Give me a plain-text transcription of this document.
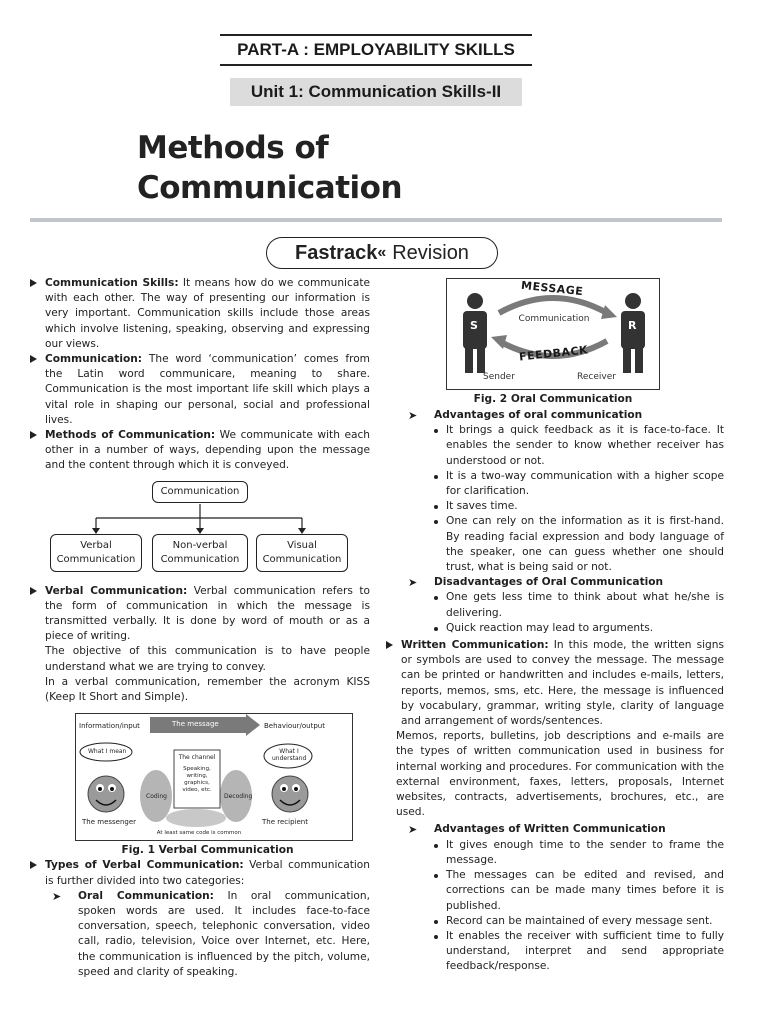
PART-A : EMPLOYABILITY SKILLS
Unit 1: Communication Skills-II
Methods of Communication
Fastrack « Revision

Communication Skills: It means how do we communicate with each other. The way of presenting our information is very important. Communication skills include those areas which involve listening, speaking, observing and expressing our views.

Communication: The word ‘communication’ comes from the Latin word communicare, meaning to share. Communication is the most important life skill which plays a vital role in shaping our personal, social and professional lives.

Methods of Communication: We communicate with each other in a number of ways, depending upon the message and the content through which it is conveyed.

Communication
Verbal Communication
Non-verbal Communication
Visual Communication

Verbal Communication: Verbal communication refers to the form of communication in which the message is transmitted verbally. It is done by word of mouth or as a piece of writing.

The objective of this communication is to have people understand what we are trying to convey.

In a verbal communication, remember the acronym KISS (Keep It Short and Simple).

Information/input	The message	Behaviour/output
What I mean	What I understand
The channel
Speaking, writing, graphics, video, etc.
Coding	Decoding
The messenger	The recipient
At least same code is common

Fig. 1 Verbal Communication

Types of Verbal Communication: Verbal communication is further divided into two categories:

➤ Oral Communication: In oral communication, spoken words are used. It includes face-to-face conversation, speech, telephonic conversation, video call, radio, television, Voice over Internet, etc. Here, the communication is influenced by the pitch, volume, speed and clarity of speaking.

MESSAGE
Communication
FEEDBACK
S	R
Sender	Receiver

Fig. 2 Oral Communication

➤ Advantages of oral communication

It brings a quick feedback as it is face-to-face. It enables the sender to know whether receiver has understood or not.

It is a two-way communication with a higher scope for clarification.

It saves time.

One can rely on the information as it is first-hand. By reading facial expression and body language of the speaker, one can guess whether one should trust, what is being said or not.

➤ Disadvantages of Oral Communication

One gets less time to think about what he/she is delivering.

Quick reaction may lead to arguments.

Written Communication: In this mode, the written signs or symbols are used to convey the message. The message can be printed or handwritten and includes e-mails, letters, reports, memos, sms, etc. Here, the message is influenced by vocabulary, grammar, writing style, clarity of language and arrangement of words/sentences.

Memos, reports, bulletins, job descriptions and e-mails are the types of written communication used in business for internal working and procedures. For communication with the external environment, faxes, letters, proposals, Internet websites, contracts, advertisements, brochures, etc., are used.

➤ Advantages of Written Communication

It gives enough time to the sender to frame the message.

The messages can be edited and revised, and corrections can be made many times before it is published.

Record can be maintained of every message sent.

It enables the receiver with sufficient time to fully understand, interpret and send appropriate feedback/response.
